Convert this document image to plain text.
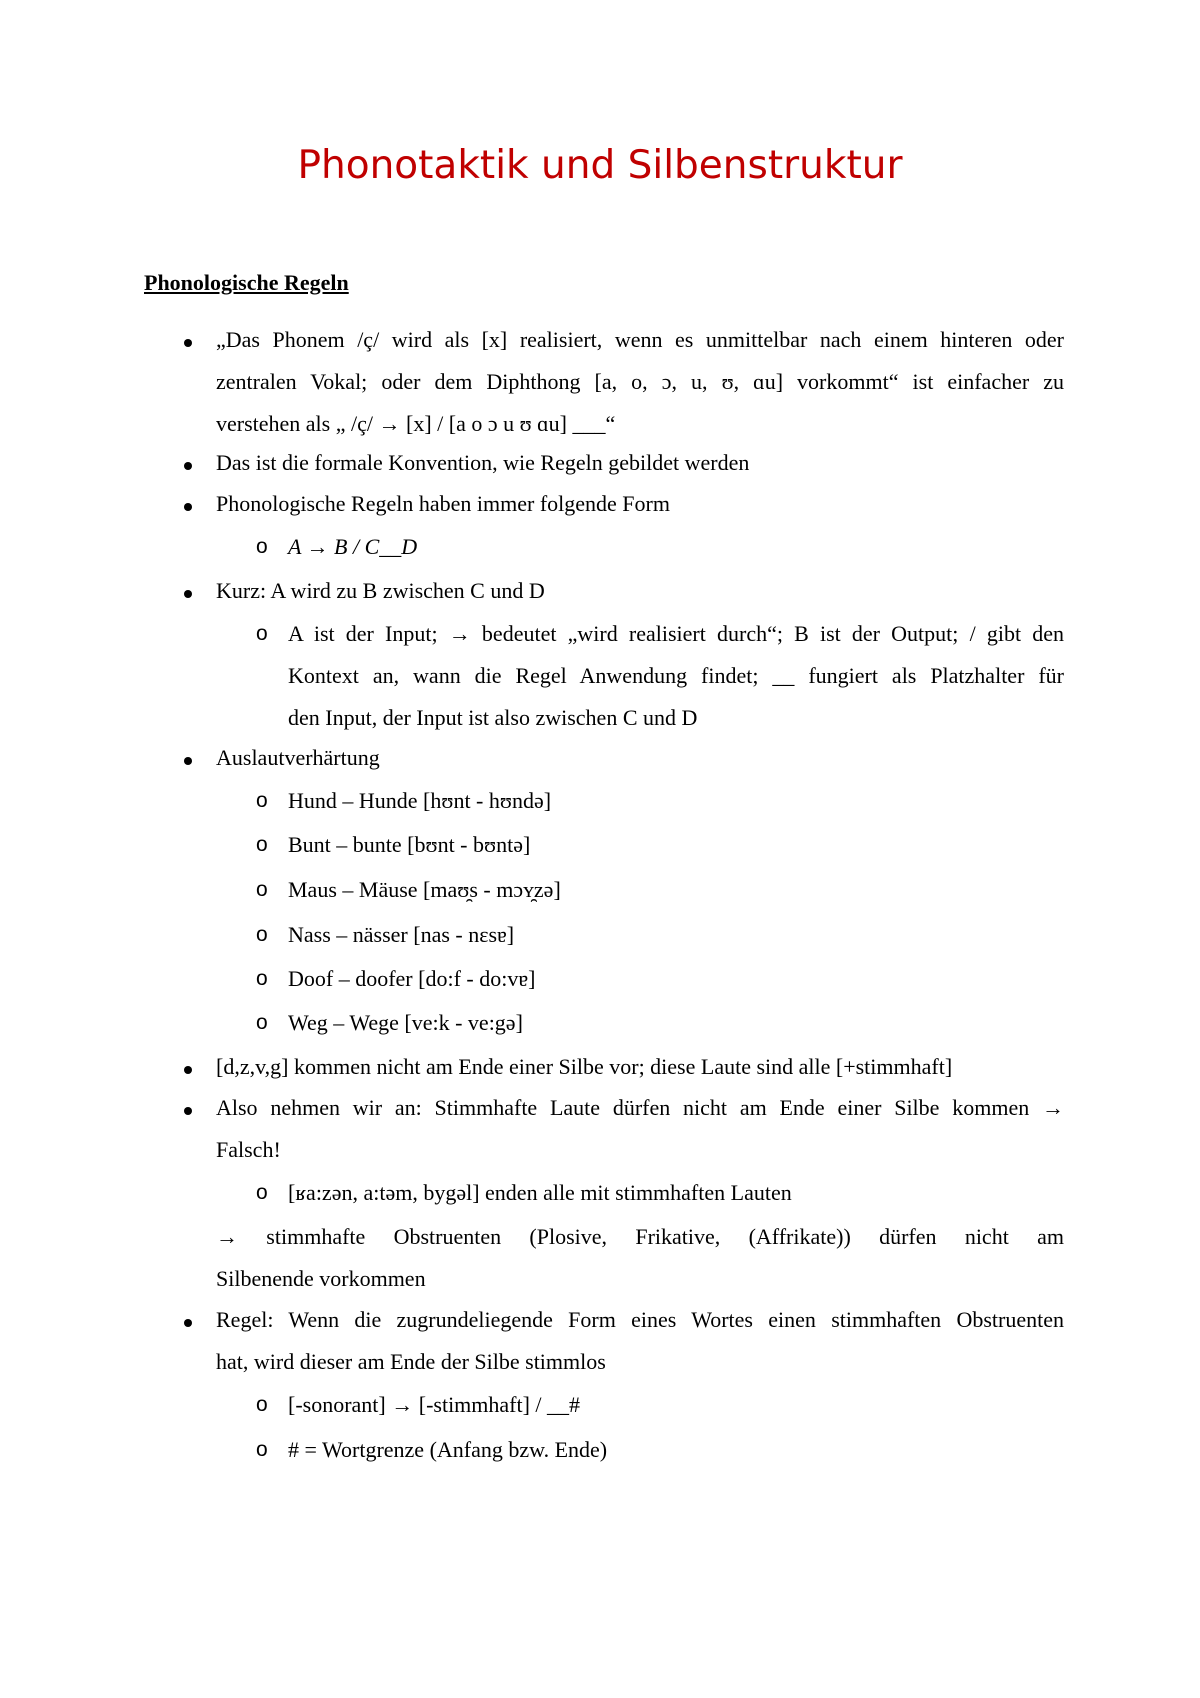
Phonotaktik und Silbenstruktur
Phonologische Regeln
„Das Phonem /ç/ wird als [x] realisiert, wenn es unmittelbar nach einem hinteren oder
zentralen Vokal; oder dem Diphthong [a, o, ɔ, u, ʊ, ɑu] vorkommt“ ist einfacher zu
verstehen als „ /ç/ → [x] / [a o ɔ u ʊ ɑu] ___“
Das ist die formale Konvention, wie Regeln gebildet werden
Phonologische Regeln haben immer folgende Form
o A → B / C__D
Kurz: A wird zu B zwischen C und D
o A ist der Input; → bedeutet „wird realisiert durch“; B ist der Output; / gibt den
Kontext an, wann die Regel Anwendung findet; __ fungiert als Platzhalter für
den Input, der Input ist also zwischen C und D
Auslautverhärtung
o Hund – Hunde [hʊnt - hʊndə]
o Bunt – bunte [bʊnt - bʊntə]
o Maus – Mäuse [maʊ̯s - mɔʏ̯zə]
o Nass – nässer [nas - nɛsɐ]
o Doof – doofer [do:f - do:vɐ]
o Weg – Wege [ve:k - ve:gə]
[d,z,v,g] kommen nicht am Ende einer Silbe vor; diese Laute sind alle [+stimmhaft]
Also nehmen wir an: Stimmhafte Laute dürfen nicht am Ende einer Silbe kommen →
Falsch!
o [ʁa:zən, a:təm, bygəl] enden alle mit stimmhaften Lauten
→ stimmhafte Obstruenten (Plosive, Frikative, (Affrikate)) dürfen nicht am
Silbenende vorkommen
Regel: Wenn die zugrundeliegende Form eines Wortes einen stimmhaften Obstruenten
hat, wird dieser am Ende der Silbe stimmlos
o [-sonorant] → [-stimmhaft] / __#
o # = Wortgrenze (Anfang bzw. Ende)
